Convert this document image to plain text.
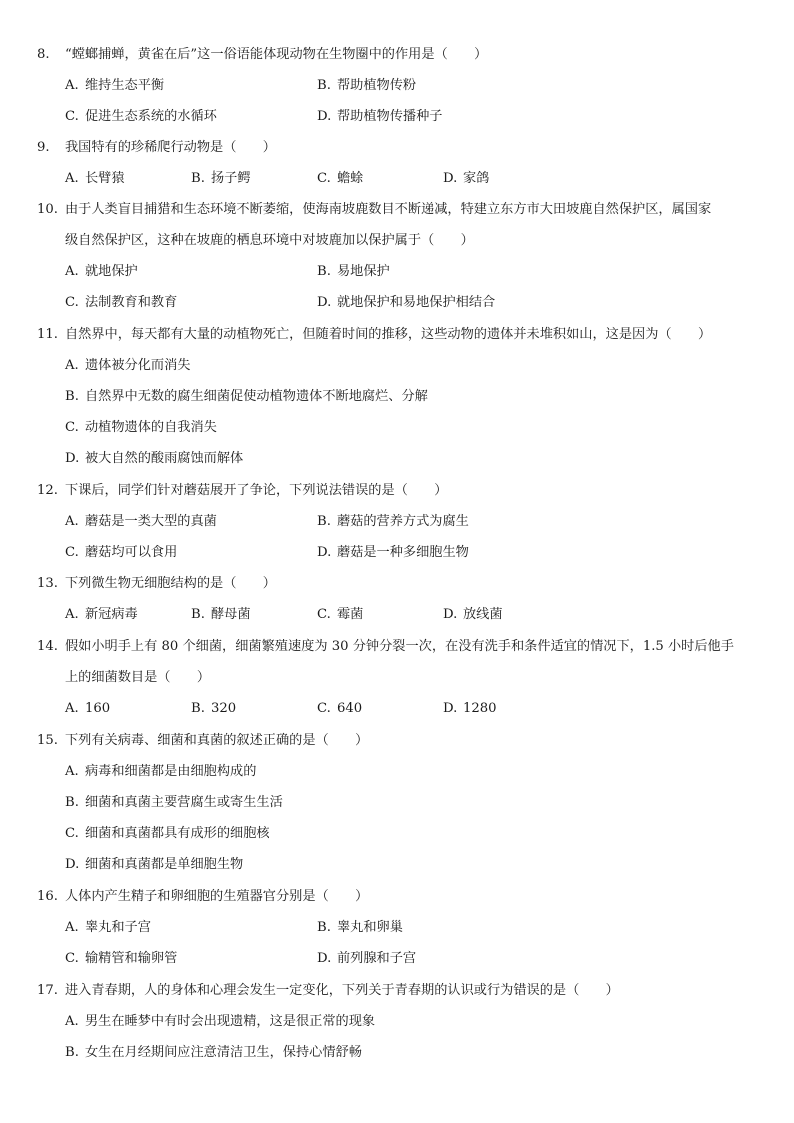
8. “螳螂捕蝉，黄雀在后”这一俗语能体现动物在生物圈中的作用是（　　）
A. 维持生态平衡	B. 帮助植物传粉
C. 促进生态系统的水循环	D. 帮助植物传播种子
9. 我国特有的珍稀爬行动物是（　　）
A. 长臂猿	B. 扬子鳄	C. 蟾蜍	D. 家鸽
10. 由于人类盲目捕猎和生态环境不断萎缩，使海南坡鹿数目不断递减，特建立东方市大田坡鹿自然保护区，属国家
级自然保护区，这种在坡鹿的栖息环境中对坡鹿加以保护属于（　　）
A. 就地保护	B. 易地保护
C. 法制教育和教育	D. 就地保护和易地保护相结合
11. 自然界中，每天都有大量的动植物死亡，但随着时间的推移，这些动物的遗体并未堆积如山，这是因为（　　）
A. 遗体被分化而消失
B. 自然界中无数的腐生细菌促使动植物遗体不断地腐烂、分解
C. 动植物遗体的自我消失
D. 被大自然的酸雨腐蚀而解体
12. 下课后，同学们针对蘑菇展开了争论，下列说法错误的是（　　）
A. 蘑菇是一类大型的真菌	B. 蘑菇的营养方式为腐生
C. 蘑菇均可以食用	D. 蘑菇是一种多细胞生物
13. 下列微生物无细胞结构的是（　　）
A. 新冠病毒	B. 酵母菌	C. 霉菌	D. 放线菌
14. 假如小明手上有 80 个细菌，细菌繁殖速度为 30 分钟分裂一次，在没有洗手和条件适宜的情况下，1.5 小时后他手
上的细菌数目是（　　）
A. 160	B. 320	C. 640	D. 1280
15. 下列有关病毒、细菌和真菌的叙述正确的是（　　）
A. 病毒和细菌都是由细胞构成的
B. 细菌和真菌主要营腐生或寄生生活
C. 细菌和真菌都具有成形的细胞核
D. 细菌和真菌都是单细胞生物
16. 人体内产生精子和卵细胞的生殖器官分别是（　　）
A. 睾丸和子宫	B. 睾丸和卵巢
C. 输精管和输卵管	D. 前列腺和子宫
17. 进入青春期，人的身体和心理会发生一定变化，下列关于青春期的认识或行为错误的是（　　）
A. 男生在睡梦中有时会出现遗精，这是很正常的现象
B. 女生在月经期间应注意清洁卫生，保持心情舒畅
